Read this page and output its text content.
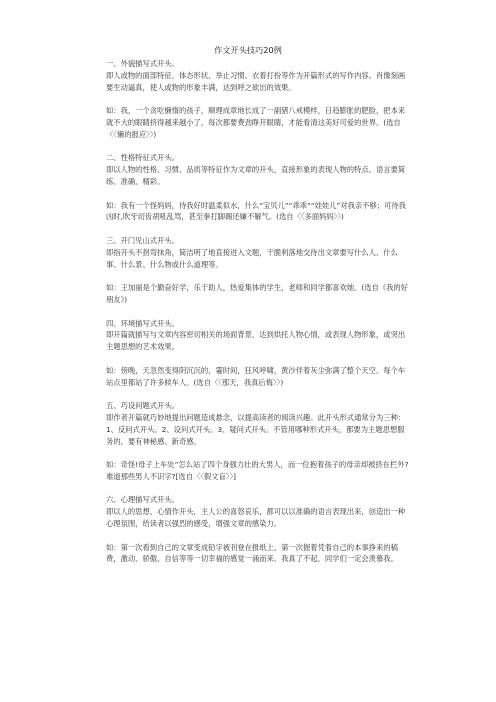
作文开头技巧20例

一、外貌描写式开头。

即人或物的面部特征、体态形状、举止习惯、衣着打扮等作为开篇形式的写作内容。肖像刻画要生动逼真，使人或物的形象丰满，达到呼之欲出的效果。

如：我，一个贪吃懒惰的孩子，顺理成章地长成了一副猪八戒模样，日趋膨胀的肥脸，把本来就不大的眼睛挤得越来越小了，每次都要费劲睁开眼睛，才能看清这美好可爱的世界。(选自〈〈懒的报应〉〉)

二、性格特征式开头。

即以人物的性格、习惯、品质等特征作为文章的开头，直接形象的表现人物的特点。语言要简练、准确、精彩。

如：我有一个怪妈妈，待我好时温柔似水，什么“宝贝儿”“乖乖”“娃娃儿”对我亲不够；可待我凶时,吹牙切齿胡吼乱骂，甚至拳打脚踢还嫌不解气。(选自〈〈多面妈妈〉〉)

三、开门见山式开头。

即指开头不拐弯抹角，简洁明了地直接进入文题，干脆利落地交待出文章要写什么人、什么事、什么景、什么物或什么道理等。

如：王加丽是个勤奋好学，乐于助人，热爱集体的学生，老师和同学都喜欢她。(选自《我的好朋友》)

四、环境描写式开头。

即开篇就描写与文章内容密切相关的场面背景，达到烘托人物心情，或表现人物形象，或突出主题思想的艺术效果。

如：傍晚，天忽然变得阴沉沉的，霎时间，狂风呼啸，黄沙伴着灰尘弥满了整个天空。每个车站点里都站了许多候车人。(选自〈〈那天，我真后悔〉〉)

五、巧设问题式开头。

即作者开篇就巧妙地提出问题造成悬念，以提高读者的阅读兴趣。此开头形式通常分为三种：1、反问式开头。2、设问式开头。3、疑问式开头。不管用哪种形式开头，都要为主题思想服务的，要有神秘感、新奇感。

如：奇怪!母子上车处”怎么站了四个身强力壮的大男人，而一位抱着孩子的母亲却被挤在栏外?难道那些男人不识字?[选自〈〈假文盲〉〉]

六、心理描写式开头。

即以人的思想、心情作开头，主人公的喜怒哀乐，都可以以准确的语言表现出来，创造出一种心理氛围，给读者以强烈的感受，增强文章的感染力。

如：第一次看到自己的文章变成铅字被刊登在报纸上，第一次握着凭着自己的本事挣来的稿费，激动、骄傲、自信等等一切幸福的感觉一涌而来。我真了不起，同学们一定会羡慕我。
